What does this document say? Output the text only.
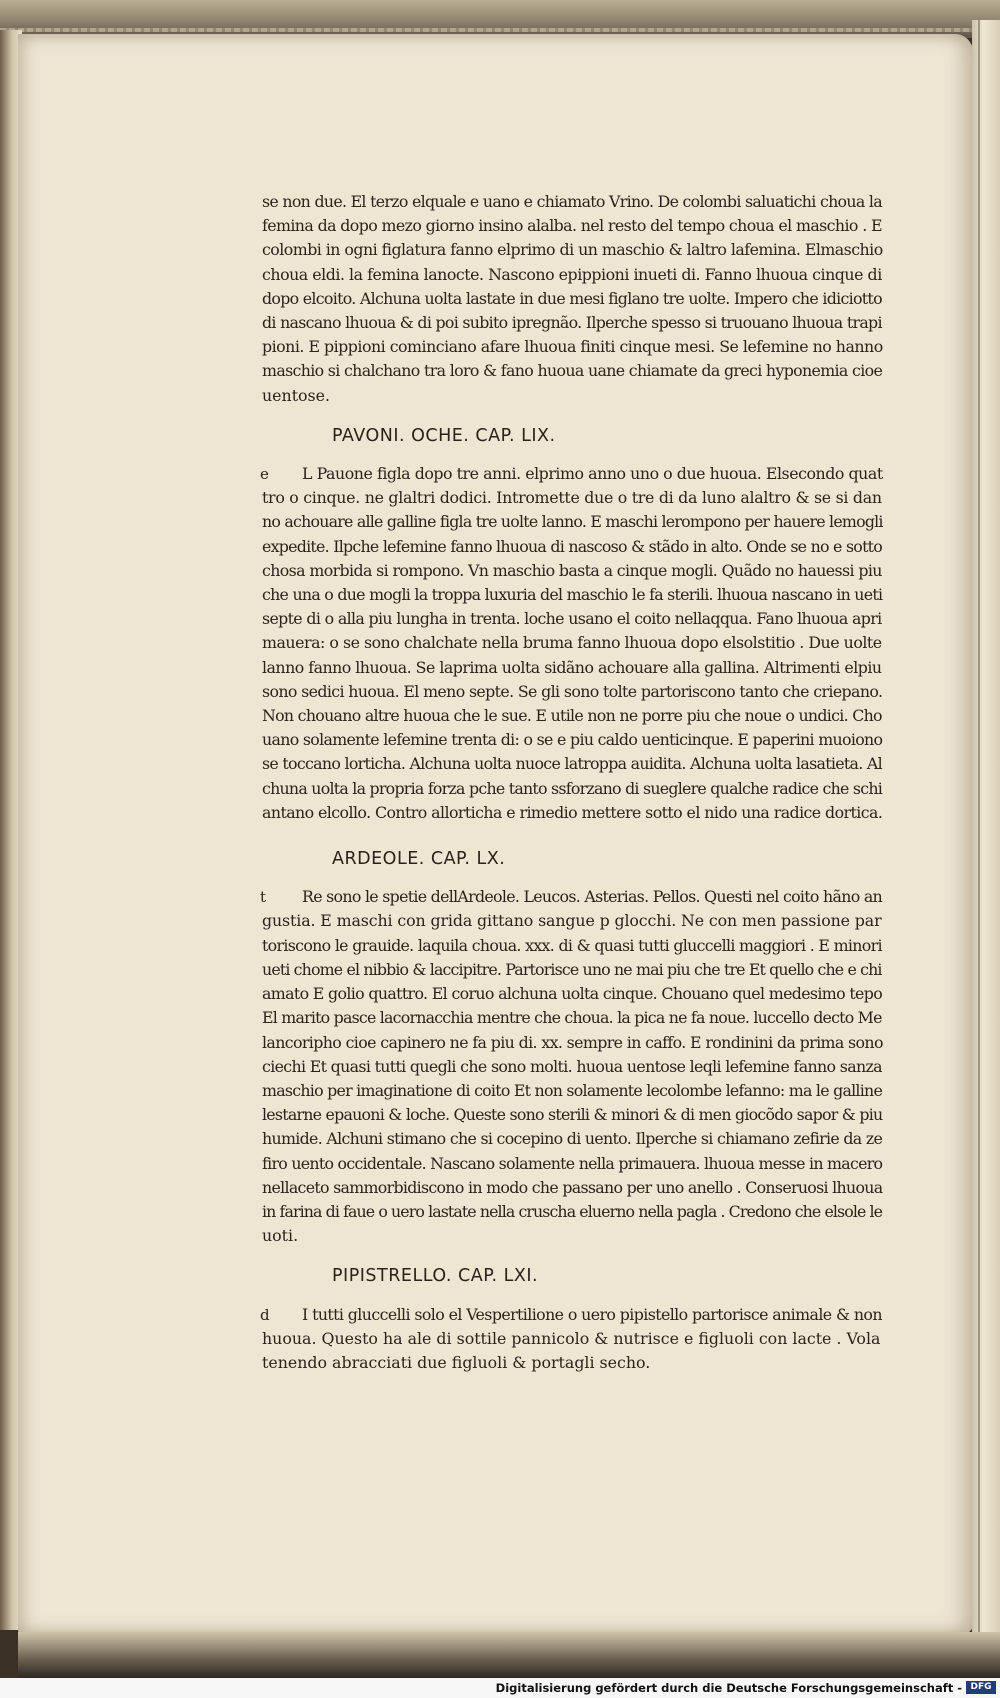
se non due. El terzo elquale e uano e chiamato Vrino. De colombi saluatichi choua la
femina da dopo mezo giorno insino alalba. nel resto del tempo choua el maschio . E
colombi in ogni figlatura fanno elprimo di un maschio & laltro lafemina. Elmaschio
choua eldi. la femina lanocte. Nascono epippioni inueti di. Fanno lhuoua cinque di
dopo elcoito. Alchuna uolta lastate in due mesi figlano tre uolte. Impero che idiciotto
di nascano lhuoua & di poi subito ipregnão. Ilperche spesso si truouano lhuoua trapi
pioni. E pippioni cominciano afare lhuoua finiti cinque mesi. Se lefemine no hanno
maschio si chalchano tra loro & fano huoua uane chiamate da greci hyponemia cioe
uentose.
PAVONI. OCHE. CAP. LIX.
e	L Pauone figla dopo tre anni. elprimo anno uno o due huoua. Elsecondo quat
tro o cinque. ne glaltri dodici. Intromette due o tre di da luno alaltro & se si dan
no achouare alle galline figla tre uolte lanno. E maschi lerompono per hauere lemogli
expedite. Ilpche lefemine fanno lhuoua di nascoso & stãdo in alto. Onde se no e sotto
chosa morbida si rompono. Vn maschio basta a cinque mogli. Quãdo no hauessi piu
che una o due mogli la troppa luxuria del maschio le fa sterili. lhuoua nascano in ueti
septe di o alla piu lungha in trenta. loche usano el coito nellaqqua. Fano lhuoua apri
mauera: o se sono chalchate nella bruma fanno lhuoua dopo elsolstitio . Due uolte
lanno fanno lhuoua. Se laprima uolta sidãno achouare alla gallina. Altrimenti elpiu
sono sedici huoua. El meno septe. Se gli sono tolte partoriscono tanto che criepano.
Non chouano altre huoua che le sue. E utile non ne porre piu che noue o undici. Cho
uano solamente lefemine trenta di: o se e piu caldo uenticinque. E paperini muoiono
se toccano lorticha. Alchuna uolta nuoce latroppa auidita. Alchuna uolta lasatieta. Al
chuna uolta la propria forza pche tanto ssforzano di sueglere qualche radice che schi
antano elcollo. Contro allorticha e rimedio mettere sotto el nido una radice dortica.
ARDEOLE. CAP. LX.
t	Re sono le spetie dellArdeole. Leucos. Asterias. Pellos. Questi nel coito hãno an
gustia. E maschi con grida gittano sangue p glocchi. Ne con men passione par
toriscono le grauide. laquila choua. xxx. di & quasi tutti gluccelli maggiori . E minori
ueti chome el nibbio & laccipitre. Partorisce uno ne mai piu che tre Et quello che e chi
amato E golio quattro. El coruo alchuna uolta cinque. Chouano quel medesimo tepo
El marito pasce lacornacchia mentre che choua. la pica ne fa noue. luccello decto Me
lancoripho cioe capinero ne fa piu di. xx. sempre in caffo. E rondinini da prima sono
ciechi Et quasi tutti quegli che sono molti. huoua uentose leqli lefemine fanno sanza
maschio per imaginatione di coito Et non solamente lecolombe lefanno: ma le galline
lestarne epauoni & loche. Queste sono sterili & minori & di men giocõdo sapor & piu
humide. Alchuni stimano che si cocepino di uento. Ilperche si chiamano zefirie da ze
firo uento occidentale. Nascano solamente nella primauera. lhuoua messe in macero
nellaceto sammorbidiscono in modo che passano per uno anello . Conseruosi lhuoua
in farina di faue o uero lastate nella cruscha eluerno nella pagla . Credono che elsole le
uoti.
PIPISTRELLO. CAP. LXI.
d	I tutti gluccelli solo el Vespertilione o uero pipistello partorisce animale & non
huoua. Questo ha ale di sottile pannicolo & nutrisce e figluoli con lacte . Vola
tenendo abracciati due figluoli & portagli secho.
Digitalisierung gefördert durch die Deutsche Forschungsgemeinschaft - DFG
